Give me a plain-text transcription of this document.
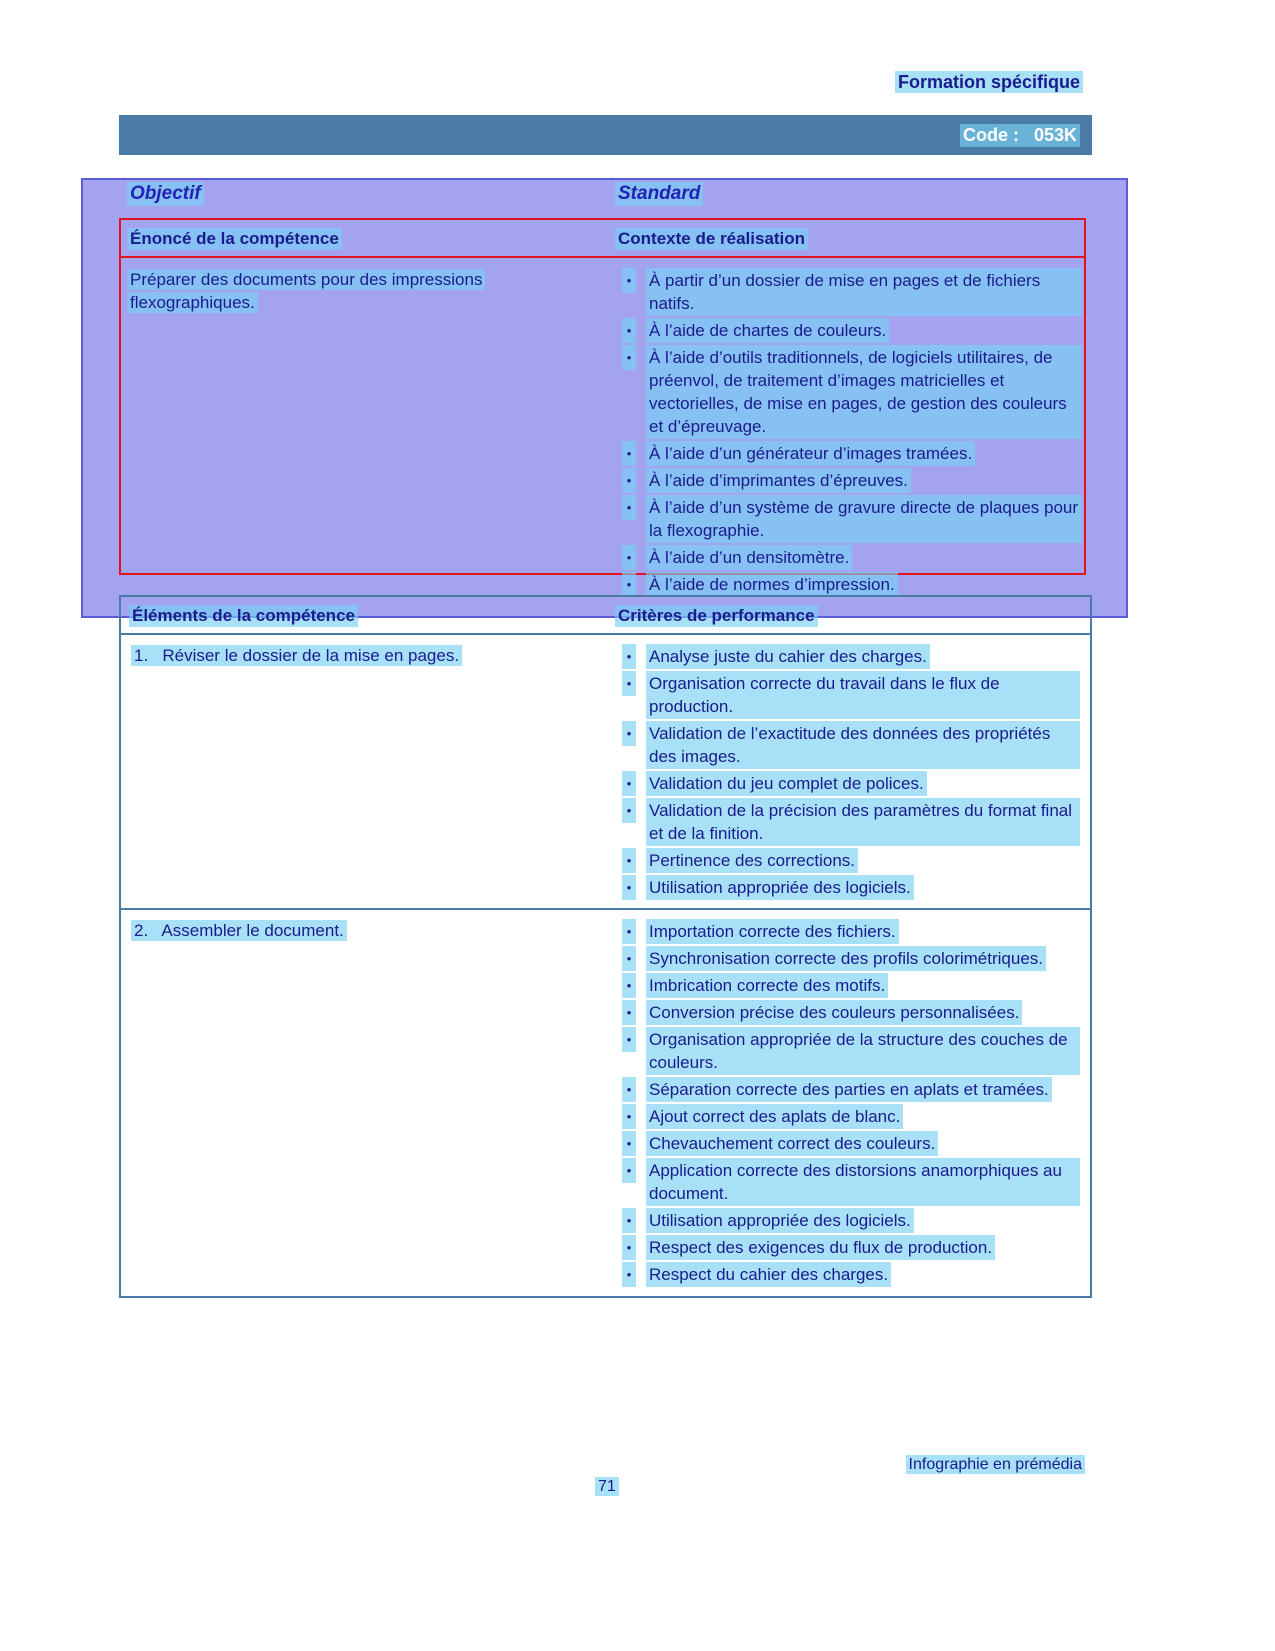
Formation spécifique
Code :   053K
Objectif	Standard
Énoncé de la compétence	Contexte de réalisation
Préparer des documents pour des impressions flexographiques.
• À partir d’un dossier de mise en pages et de fichiers natifs.
• À l’aide de chartes de couleurs.
• À l’aide d’outils traditionnels, de logiciels utilitaires, de préenvol, de traitement d’images matricielles et vectorielles, de mise en pages, de gestion des couleurs et d’épreuvage.
• À l’aide d’un générateur d’images tramées.
• À l’aide d’imprimantes d’épreuves.
• À l’aide d’un système de gravure directe de plaques pour la flexographie.
• À l’aide d’un densitomètre.
• À l’aide de normes d’impression.
Éléments de la compétence	Critères de performance
1.   Réviser le dossier de la mise en pages.	• Analyse juste du cahier des charges.
• Organisation correcte du travail dans le flux de production.
• Validation de l’exactitude des données des propriétés des images.
• Validation du jeu complet de polices.
• Validation de la précision des paramètres du format final et de la finition.
• Pertinence des corrections.
• Utilisation appropriée des logiciels.
2.   Assembler le document.	• Importation correcte des fichiers.
• Synchronisation correcte des profils colorimétriques.
• Imbrication correcte des motifs.
• Conversion précise des couleurs personnalisées.
• Organisation appropriée de la structure des couches de couleurs.
• Séparation correcte des parties en aplats et tramées.
• Ajout correct des aplats de blanc.
• Chevauchement correct des couleurs.
• Application correcte des distorsions anamorphiques au document.
• Utilisation appropriée des logiciels.
• Respect des exigences du flux de production.
• Respect du cahier des charges.
Infographie en prémédia
71
